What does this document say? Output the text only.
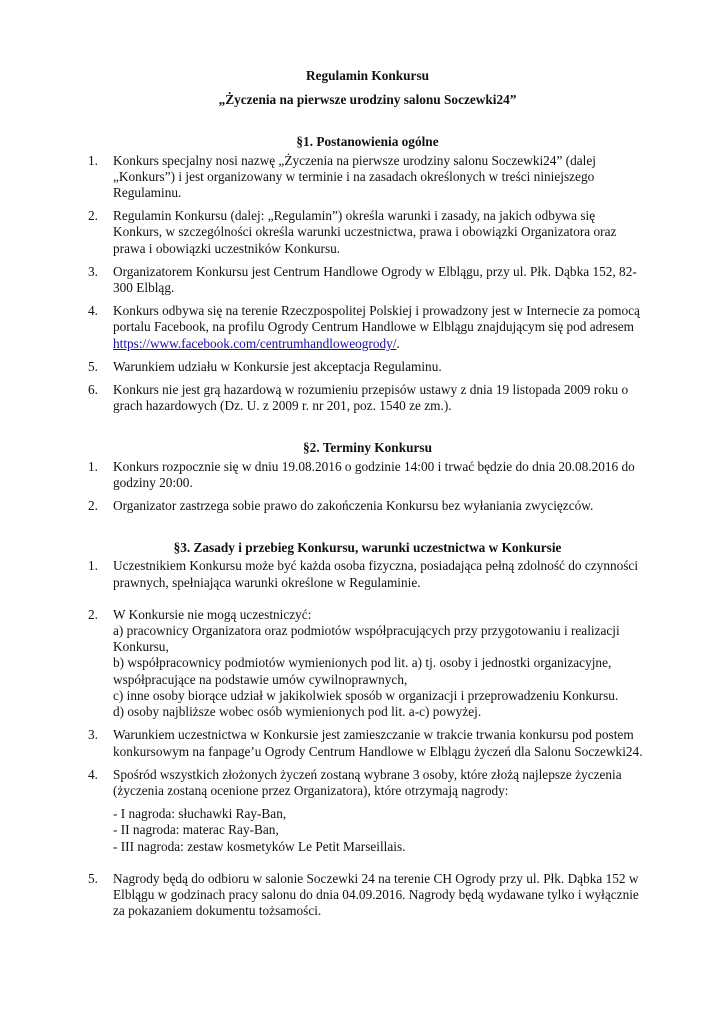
Regulamin Konkursu

„Życzenia na pierwsze urodziny salonu Soczewki24”

§1. Postanowienia ogólne

1. Konkurs specjalny nosi nazwę „Życzenia na pierwsze urodziny salonu Soczewki24” (dalej „Konkurs”) i jest organizowany w terminie i na zasadach określonych w treści niniejszego Regulaminu.
2. Regulamin Konkursu (dalej: „Regulamin”) określa warunki i zasady, na jakich odbywa się Konkurs, w szczególności określa warunki uczestnictwa, prawa i obowiązki Organizatora oraz prawa i obowiązki uczestników Konkursu.
3. Organizatorem Konkursu jest Centrum Handlowe Ogrody w Elblągu, przy ul. Płk. Dąbka 152, 82-300 Elbląg.
4. Konkurs odbywa się na terenie Rzeczpospolitej Polskiej i prowadzony jest w Internecie za pomocą portalu Facebook, na profilu Ogrody Centrum Handlowe w Elblągu znajdującym się pod adresem https://www.facebook.com/centrumhandloweogrody/.
5. Warunkiem udziału w Konkursie jest akceptacja Regulaminu.
6. Konkurs nie jest grą hazardową w rozumieniu przepisów ustawy z dnia 19 listopada 2009 roku o grach hazardowych (Dz. U. z 2009 r. nr 201, poz. 1540 ze zm.).

§2. Terminy Konkursu

1. Konkurs rozpocznie się w dniu 19.08.2016 o godzinie 14:00 i trwać będzie do dnia 20.08.2016 do godziny 20:00.
2. Organizator zastrzega sobie prawo do zakończenia Konkursu bez wyłaniania zwycięzców.

§3. Zasady i przebieg Konkursu, warunki uczestnictwa w Konkursie

1. Uczestnikiem Konkursu może być każda osoba fizyczna, posiadająca pełną zdolność do czynności prawnych, spełniająca warunki określone w Regulaminie.
2. W Konkursie nie mogą uczestniczyć:
a) pracownicy Organizatora oraz podmiotów współpracujących przy przygotowaniu i realizacji Konkursu,
b) współpracownicy podmiotów wymienionych pod lit. a) tj. osoby i jednostki organizacyjne, współpracujące na podstawie umów cywilnoprawnych,
c) inne osoby biorące udział w jakikolwiek sposób w organizacji i przeprowadzeniu Konkursu.
d) osoby najbliższe wobec osób wymienionych pod lit. a-c) powyżej.
3. Warunkiem uczestnictwa w Konkursie jest zamieszczanie w trakcie trwania konkursu pod postem konkursowym na fanpage’u Ogrody Centrum Handlowe w Elblągu życzeń dla Salonu Soczewki24.
4. Spośród wszystkich złożonych życzeń zostaną wybrane 3 osoby, które złożą najlepsze życzenia (życzenia zostaną ocenione przez Organizatora), które otrzymają nagrody:
- I nagroda: słuchawki Ray-Ban,
- II nagroda: materac Ray-Ban,
- III nagroda: zestaw kosmetyków Le Petit Marseillais.
5. Nagrody będą do odbioru w salonie Soczewki 24 na terenie CH Ogrody przy ul. Płk. Dąbka 152 w Elblągu w godzinach pracy salonu do dnia 04.09.2016. Nagrody będą wydawane tylko i wyłącznie za pokazaniem dokumentu tożsamości.
